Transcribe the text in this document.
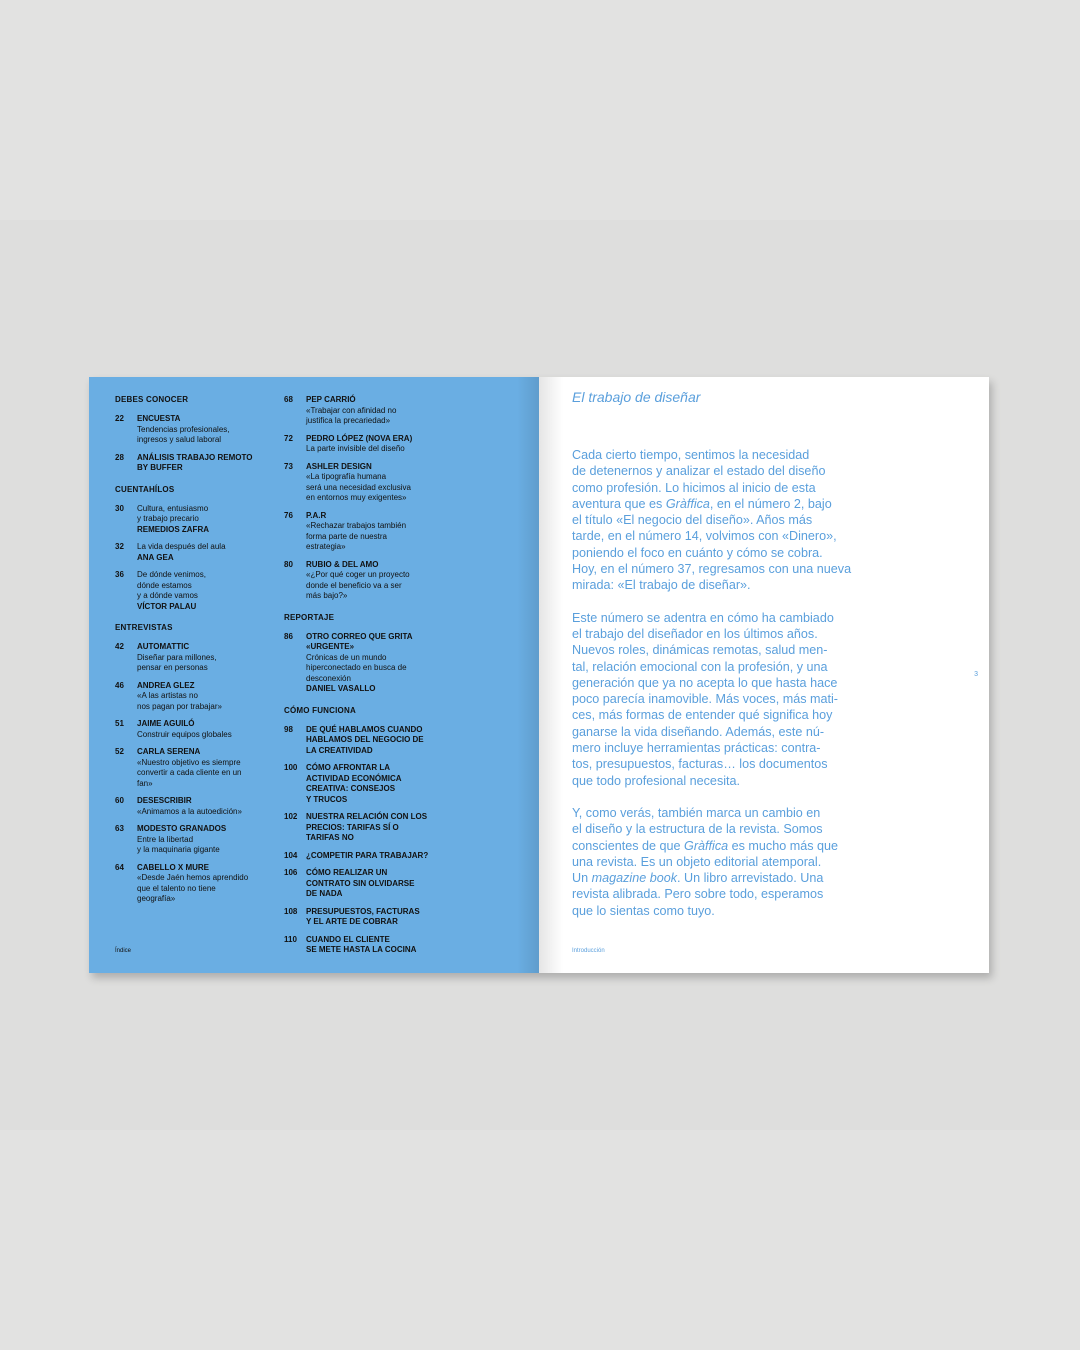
DEBES CONOCER
22	ENCUESTA
Tendencias profesionales,
ingresos y salud laboral
28	ANÁLISIS TRABAJO REMOTO
BY BUFFER
CUENTAHÍLOS
30	Cultura, entusiasmo
y trabajo precario
REMEDIOS ZAFRA
32	La vida después del aula
ANA GEA
36	De dónde venimos,
dónde estamos
y a dónde vamos
VÍCTOR PALAU
ENTREVISTAS
42	AUTOMATTIC
Diseñar para millones,
pensar en personas
46	ANDREA GLEZ
«A las artistas no
nos pagan por trabajar»
51	JAIME AGUILÓ
Construir equipos globales
52	CARLA SERENA
«Nuestro objetivo es siempre
convertir a cada cliente en un
fan»
60	DESESCRIBIR
«Animamos a la autoedición»
63	MODESTO GRANADOS
Entre la libertad
y la maquinaria gigante
64	CABELLO X MURE
«Desde Jaén hemos aprendido
que el talento no tiene
geografía»
68	PEP CARRIÓ
«Trabajar con afinidad no
justifica la precariedad»
72	PEDRO LÓPEZ (NOVA ERA)
La parte invisible del diseño
73	ASHLER DESIGN
«La tipografía humana
será una necesidad exclusiva
en entornos muy exigentes»
76	P.A.R
«Rechazar trabajos también
forma parte de nuestra
estrategia»
80	RUBIO & DEL AMO
«¿Por qué coger un proyecto
donde el beneficio va a ser
más bajo?»
REPORTAJE
86	OTRO CORREO QUE GRITA
«URGENTE»
Crónicas de un mundo
hiperconectado en busca de
desconexión
DANIEL VASALLO
CÓMO FUNCIONA
98	DE QUÉ HABLAMOS CUANDO
HABLAMOS DEL NEGOCIO DE
LA CREATIVIDAD
100	CÓMO AFRONTAR LA
ACTIVIDAD ECONÓMICA
CREATIVA: CONSEJOS
Y TRUCOS
102	NUESTRA RELACIÓN CON LOS
PRECIOS: TARIFAS SÍ O
TARIFAS NO
104	¿COMPETIR PARA TRABAJAR?
106	CÓMO REALIZAR UN
CONTRATO SIN OLVIDARSE
DE NADA
108	PRESUPUESTOS, FACTURAS
Y EL ARTE DE COBRAR
110	CUANDO EL CLIENTE
SE METE HASTA LA COCINA
Índice
El trabajo de diseñar

Cada cierto tiempo, sentimos la necesidad
de detenernos y analizar el estado del diseño
como profesión. Lo hicimos al inicio de esta
aventura que es Gràffica, en el número 2, bajo
el título «El negocio del diseño». Años más
tarde, en el número 14, volvimos con «Dinero»,
poniendo el foco en cuánto y cómo se cobra.
Hoy, en el número 37, regresamos con una nueva
mirada: «El trabajo de diseñar».

Este número se adentra en cómo ha cambiado
el trabajo del diseñador en los últimos años.
Nuevos roles, dinámicas remotas, salud men-
tal, relación emocional con la profesión, y una
generación que ya no acepta lo que hasta hace
poco parecía inamovible. Más voces, más mati-
ces, más formas de entender qué significa hoy
ganarse la vida diseñando. Además, este nú-
mero incluye herramientas prácticas: contra-
tos, presupuestos, facturas… los documentos
que todo profesional necesita.

Y, como verás, también marca un cambio en
el diseño y la estructura de la revista. Somos
conscientes de que Gràffica es mucho más que
una revista. Es un objeto editorial atemporal.
Un magazine book. Un libro arrevistado. Una
revista alibrada. Pero sobre todo, esperamos
que lo sientas como tuyo.

3
Introducción
